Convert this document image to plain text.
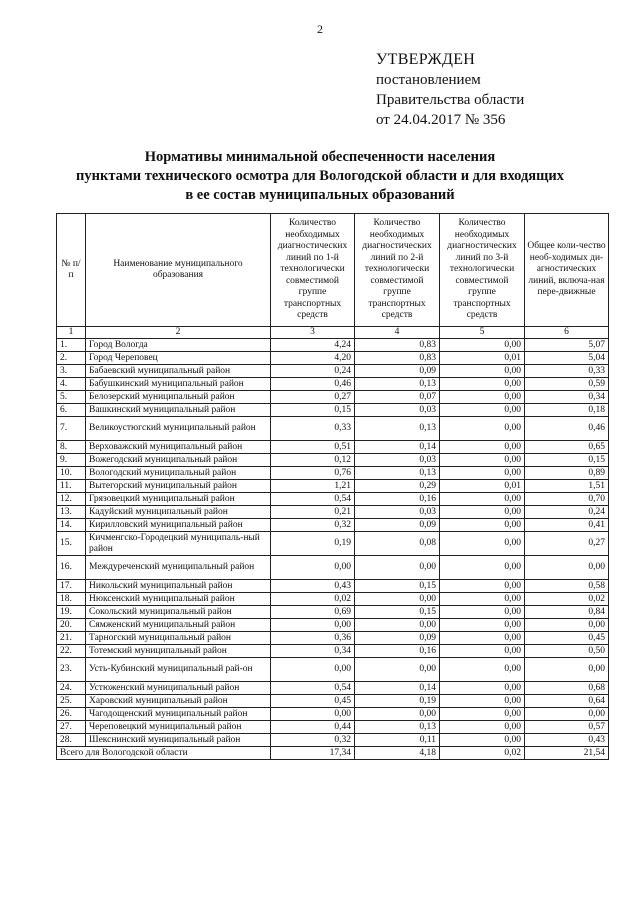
2
УТВЕРЖДЕН
постановлением
Правительства области
от 24.04.2017 № 356
Нормативы минимальной обеспеченности населения
пунктами технического осмотра для Вологодской области и для входящих
в ее состав муниципальных образований
№ п/п	Наименование муниципального образования	Количество необходимых диагностических линий по 1-й технологически совместимой группе транспортных средств	Количество необходимых диагностических линий по 2-й технологически совместимой группе транспортных средств	Количество необходимых диагностических линий по 3-й технологически совместимой группе транспортных средств	Общее коли-чество необ-ходимых ди-агностических линий, включа-ная пере-движные
1	2	3	4	5	6
1.	Город Вологда	4,24	0,83	0,00	5,07
2.	Город Череповец	4,20	0,83	0,01	5,04
3.	Бабаевский муниципальный район	0,24	0,09	0,00	0,33
4.	Бабушкинский муниципальный район	0,46	0,13	0,00	0,59
5.	Белозерский муниципальный район	0,27	0,07	0,00	0,34
6.	Вашкинский муниципальный район	0,15	0,03	0,00	0,18
7.	Великоустюгский муниципальный район	0,33	0,13	0,00	0,46
8.	Верховажский муниципальный район	0,51	0,14	0,00	0,65
9.	Вожегодский муниципальный район	0,12	0,03	0,00	0,15
10.	Вологодский муниципальный район	0,76	0,13	0,00	0,89
11.	Вытегорский муниципальный район	1,21	0,29	0,01	1,51
12.	Грязовецкий муниципальный район	0,54	0,16	0,00	0,70
13.	Кадуйский муниципальный район	0,21	0,03	0,00	0,24
14.	Кирилловский муниципальный район	0,32	0,09	0,00	0,41
15.	Кичменгско-Городецкий муниципаль-ный район	0,19	0,08	0,00	0,27
16.	Междуреченский муниципальный район	0,00	0,00	0,00	0,00
17.	Никольский муниципальный район	0,43	0,15	0,00	0,58
18.	Нюксенский муниципальный район	0,02	0,00	0,00	0,02
19.	Сокольский муниципальный район	0,69	0,15	0,00	0,84
20.	Сямженский муниципальный район	0,00	0,00	0,00	0,00
21.	Тарногский муниципальный район	0,36	0,09	0,00	0,45
22.	Тотемский муниципальный район	0,34	0,16	0,00	0,50
23.	Усть-Кубинский муниципальный рай-он	0,00	0,00	0,00	0,00
24.	Устюженский муниципальный район	0,54	0,14	0,00	0,68
25.	Харовский муниципальный район	0,45	0,19	0,00	0,64
26.	Чагодощенский муниципальный район	0,00	0,00	0,00	0,00
27.	Череповецкий муниципальный район	0,44	0,13	0,00	0,57
28.	Шекснинский муниципальный район	0,32	0,11	0,00	0,43
Всего для Вологодской области		17,34	4,18	0,02	21,54
